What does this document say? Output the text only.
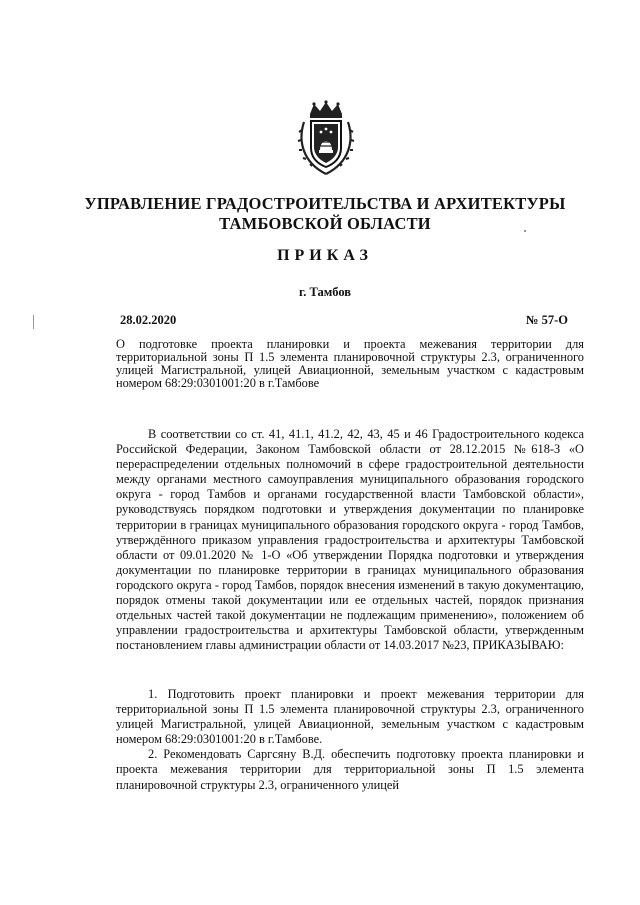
УПРАВЛЕНИЕ ГРАДОСТРОИТЕЛЬСТВА И АРХИТЕКТУРЫ
ТАМБОВСКОЙ ОБЛАСТИ
ПРИКАЗ
г. Тамбов
28.02.2020	№ 57-О
О подготовке проекта планировки и проекта межевания территории для территориальной зоны П 1.5 элемента планировочной структуры 2.3, ограниченного улицей Магистральной, улицей Авиационной, земельным участком с кадастровым номером 68:29:0301001:20 в г.Тамбове

В соответствии со ст. 41, 41.1, 41.2, 42, 43, 45 и 46 Градостроительного кодекса Российской Федерации, Законом Тамбовской области от 28.12.2015 №618-З «О перераспределении отдельных полномочий в сфере градостроительной деятельности между органами местного самоуправления муниципального образования городского округа - город Тамбов и органами государственной власти Тамбовской области», руководствуясь порядком подготовки и утверждения документации по планировке территории в границах муниципального образования городского округа - город Тамбов, утверждённого приказом управления градостроительства и архитектуры Тамбовской области от 09.01.2020 № 1-О «Об утверждении Порядка подготовки и утверждения документации по планировке территории в границах муниципального образования городского округа - город Тамбов, порядок внесения изменений в такую документацию, порядок отмены такой документации или ее отдельных частей, порядок признания отдельных частей такой документации не подлежащим применению», положением об управлении градостроительства и архитектуры Тамбовской области, утвержденным постановлением главы администрации области от 14.03.2017 №23, ПРИКАЗЫВАЮ:

1. Подготовить проект планировки и проект межевания территории для территориальной зоны П 1.5 элемента планировочной структуры 2.3, ограниченного улицей Магистральной, улицей Авиационной, земельным участком с кадастровым номером 68:29:0301001:20 в г.Тамбове.

2. Рекомендовать Саргсяну В.Д. обеспечить подготовку проекта планировки и проекта межевания территории для территориальной зоны П 1.5 элемента планировочной структуры 2.3, ограниченного улицей
